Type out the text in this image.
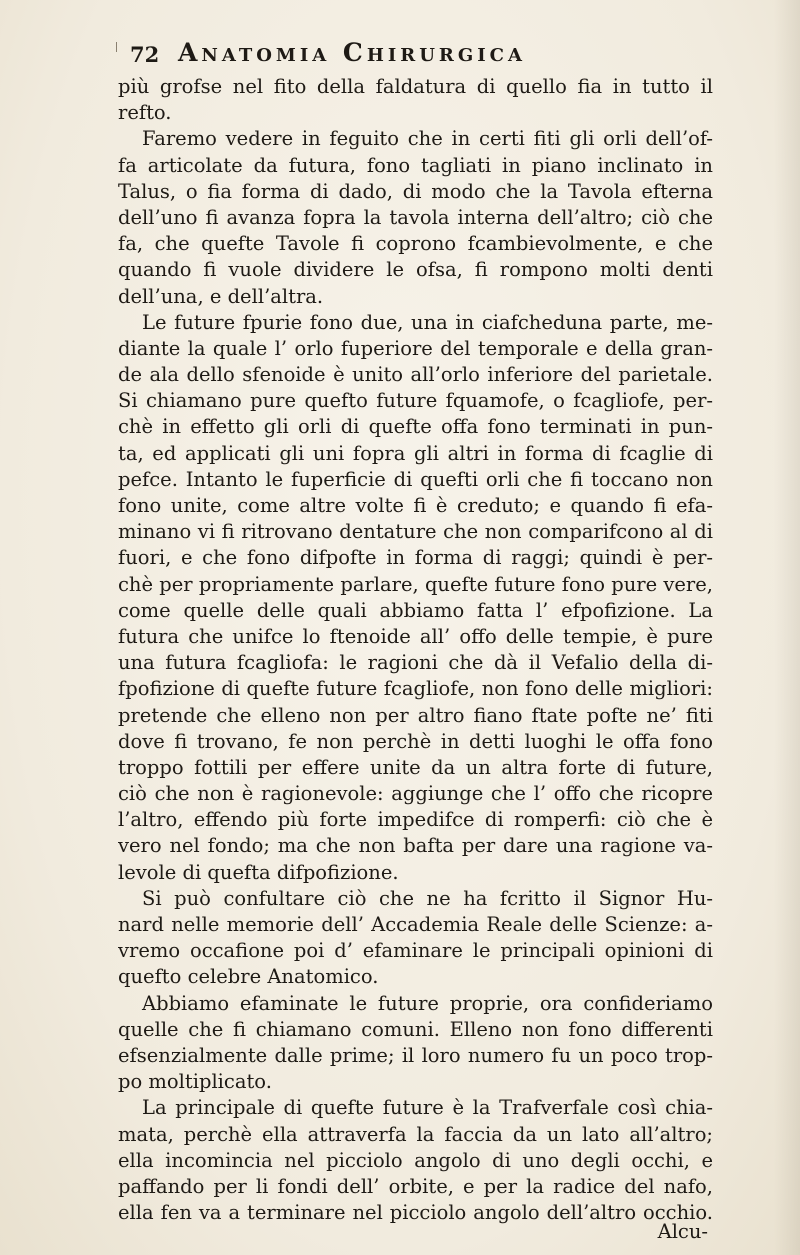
72 Anatomia Chirurgica
più grofse nel fito della faldatura di quello fia in tutto il
refto.
Faremo vedere in feguito che in certi fiti gli orli dell’of-
fa articolate da futura, fono tagliati in piano inclinato in
Talus, o fia forma di dado, di modo che la Tavola efterna
dell’uno fi avanza fopra la tavola interna dell’altro; ciò che
fa, che quefte Tavole fi coprono fcambievolmente, e che
quando fi vuole dividere le ofsa, fi rompono molti denti
dell’una, e dell’altra.
Le future fpurie fono due, una in ciafcheduna parte, me-
diante la quale l’ orlo fuperiore del temporale e della gran-
de ala dello sfenoide è unito all’orlo inferiore del parietale.
Si chiamano pure quefto future fquamofe, o fcagliofe, per-
chè in effetto gli orli di quefte offa fono terminati in pun-
ta, ed applicati gli uni fopra gli altri in forma di fcaglie di
pefce. Intanto le fuperficie di quefti orli che fi toccano non
fono unite, come altre volte fi è creduto; e quando fi efa-
minano vi fi ritrovano dentature che non comparifcono al di
fuori, e che fono difpofte in forma di raggi; quindi è per-
chè per propriamente parlare, quefte future fono pure vere,
come quelle delle quali abbiamo fatta l’ efpofizione. La
futura che unifce lo ftenoide all’ offo delle tempie, è pure
una futura fcagliofa: le ragioni che dà il Vefalio della di-
fpofizione di quefte future fcagliofe, non fono delle migliori:
pretende che elleno non per altro fiano ftate pofte ne’ fiti
dove fi trovano, fe non perchè in detti luoghi le offa fono
troppo fottili per effere unite da un altra forte di future,
ciò che non è ragionevole: aggiunge che l’ offo che ricopre
l’altro, effendo più forte impedifce di romperfi: ciò che è
vero nel fondo; ma che non bafta per dare una ragione va-
levole di quefta difpofizione.
Si può confultare ciò che ne ha fcritto il Signor Hu-
nard nelle memorie dell’ Accademia Reale delle Scienze: a-
vremo occafione poi d’ efaminare le principali opinioni di
quefto celebre Anatomico.
Abbiamo efaminate le future proprie, ora confideriamo
quelle che fi chiamano comuni. Elleno non fono differenti
efsenzialmente dalle prime; il loro numero fu un poco trop-
po moltiplicato.
La principale di quefte future è la Trafverfale così chia-
mata, perchè ella attraverfa la faccia da un lato all’altro;
ella incomincia nel picciolo angolo di uno degli occhi, e
paffando per li fondi dell’ orbite, e per la radice del nafo,
ella fen va a terminare nel picciolo angolo dell’altro occhio.
Alcu-
